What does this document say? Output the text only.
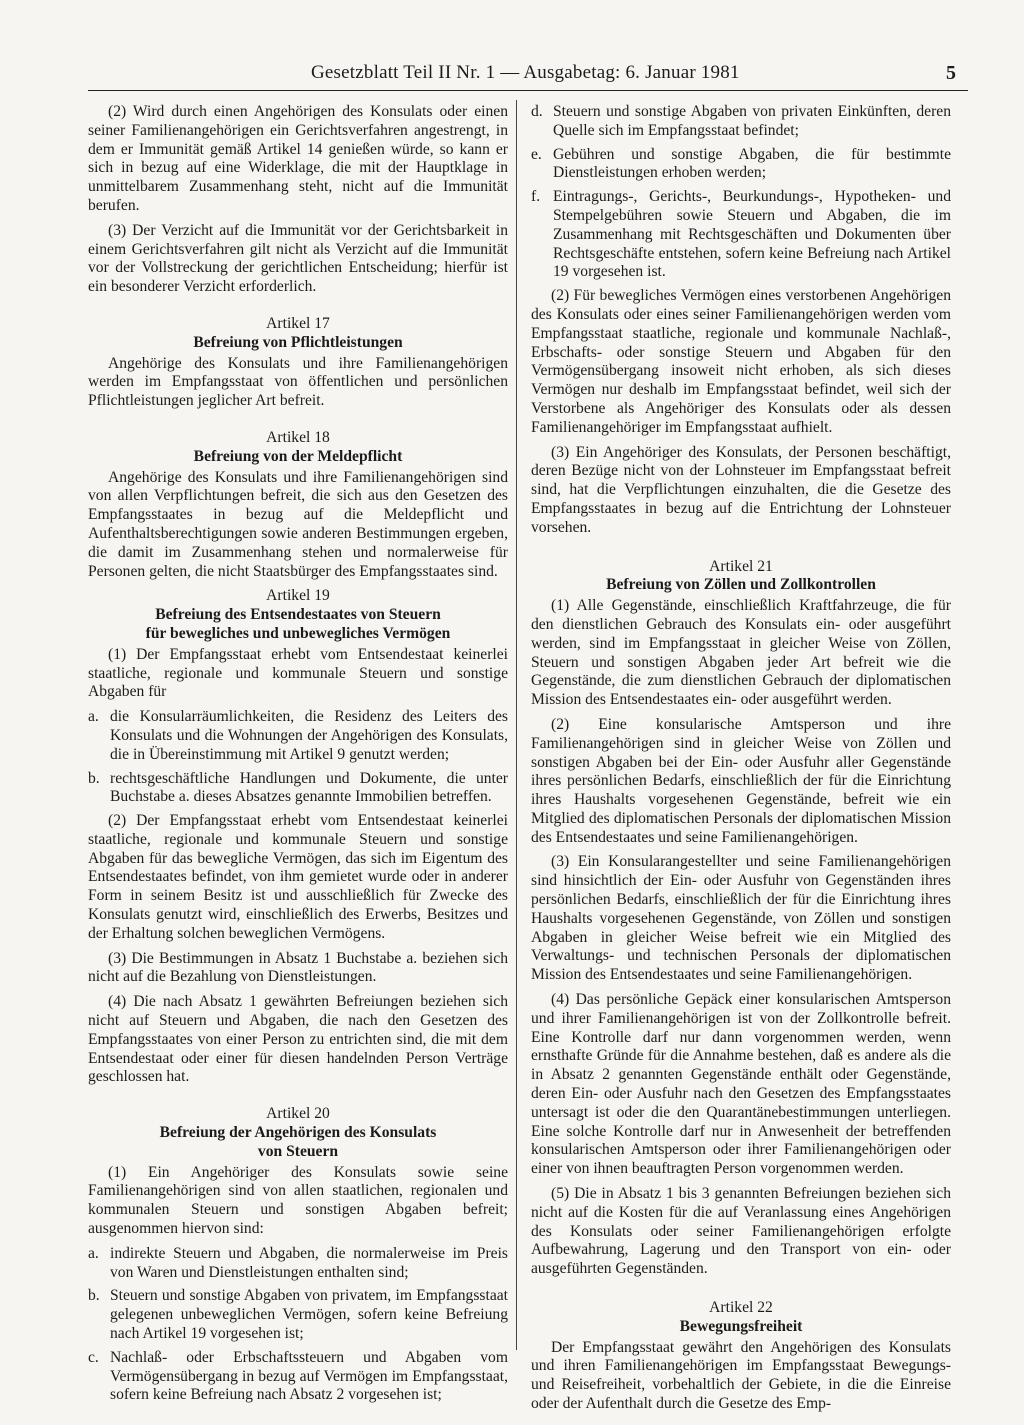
Gesetzblatt Teil II Nr. 1 — Ausgabetag: 6. Januar 1981	5

(2) Wird durch einen Angehörigen des Konsulats oder einen seiner Familienangehörigen ein Gerichtsverfahren angestrengt, in dem er Immunität gemäß Artikel 14 genießen würde, so kann er sich in bezug auf eine Widerklage, die mit der Hauptklage in unmittelbarem Zusammenhang steht, nicht auf die Immunität berufen.

(3) Der Verzicht auf die Immunität vor der Gerichtsbarkeit in einem Gerichtsverfahren gilt nicht als Verzicht auf die Immunität vor der Vollstreckung der gerichtlichen Entscheidung; hierfür ist ein besonderer Verzicht erforderlich.

Artikel 17
Befreiung von Pflichtleistungen

Angehörige des Konsulats und ihre Familienangehörigen werden im Empfangsstaat von öffentlichen und persönlichen Pflichtleistungen jeglicher Art befreit.

Artikel 18
Befreiung von der Meldepflicht

Angehörige des Konsulats und ihre Familienangehörigen sind von allen Verpflichtungen befreit, die sich aus den Gesetzen des Empfangsstaates in bezug auf die Meldepflicht und Aufenthaltsberechtigungen sowie anderen Bestimmungen ergeben, die damit im Zusammenhang stehen und normalerweise für Personen gelten, die nicht Staatsbürger des Empfangsstaates sind.

Artikel 19
Befreiung des Entsendestaates von Steuern
für bewegliches und unbewegliches Vermögen

(1) Der Empfangsstaat erhebt vom Entsendestaat keinerlei staatliche, regionale und kommunale Steuern und sonstige Abgaben für

a. die Konsularräumlichkeiten, die Residenz des Leiters des Konsulats und die Wohnungen der Angehörigen des Konsulats, die in Übereinstimmung mit Artikel 9 genutzt werden;

b. rechtsgeschäftliche Handlungen und Dokumente, die unter Buchstabe a. dieses Absatzes genannte Immobilien betreffen.

(2) Der Empfangsstaat erhebt vom Entsendestaat keinerlei staatliche, regionale und kommunale Steuern und sonstige Abgaben für das bewegliche Vermögen, das sich im Eigentum des Entsendestaates befindet, von ihm gemietet wurde oder in anderer Form in seinem Besitz ist und ausschließlich für Zwecke des Konsulats genutzt wird, einschließlich des Erwerbs, Besitzes und der Erhaltung solchen beweglichen Vermögens.

(3) Die Bestimmungen in Absatz 1 Buchstabe a. beziehen sich nicht auf die Bezahlung von Dienstleistungen.

(4) Die nach Absatz 1 gewährten Befreiungen beziehen sich nicht auf Steuern und Abgaben, die nach den Gesetzen des Empfangsstaates von einer Person zu entrichten sind, die mit dem Entsendestaat oder einer für diesen handelnden Person Verträge geschlossen hat.

Artikel 20
Befreiung der Angehörigen des Konsulats
von Steuern

(1) Ein Angehöriger des Konsulats sowie seine Familienangehörigen sind von allen staatlichen, regionalen und kommunalen Steuern und sonstigen Abgaben befreit; ausgenommen hiervon sind:

a. indirekte Steuern und Abgaben, die normalerweise im Preis von Waren und Dienstleistungen enthalten sind;

b. Steuern und sonstige Abgaben von privatem, im Empfangsstaat gelegenen unbeweglichen Vermögen, sofern keine Befreiung nach Artikel 19 vorgesehen ist;

c. Nachlaß- oder Erbschaftssteuern und Abgaben vom Vermögensübergang in bezug auf Vermögen im Empfangsstaat, sofern keine Befreiung nach Absatz 2 vorgesehen ist;

d. Steuern und sonstige Abgaben von privaten Einkünften, deren Quelle sich im Empfangsstaat befindet;

e. Gebühren und sonstige Abgaben, die für bestimmte Dienstleistungen erhoben werden;

f. Eintragungs-, Gerichts-, Beurkundungs-, Hypotheken- und Stempelgebühren sowie Steuern und Abgaben, die im Zusammenhang mit Rechtsgeschäften und Dokumenten über Rechtsgeschäfte entstehen, sofern keine Befreiung nach Artikel 19 vorgesehen ist.

(2) Für bewegliches Vermögen eines verstorbenen Angehörigen des Konsulats oder eines seiner Familienangehörigen werden vom Empfangsstaat staatliche, regionale und kommunale Nachlaß-, Erbschafts- oder sonstige Steuern und Abgaben für den Vermögensübergang insoweit nicht erhoben, als sich dieses Vermögen nur deshalb im Empfangsstaat befindet, weil sich der Verstorbene als Angehöriger des Konsulats oder als dessen Familienangehöriger im Empfangsstaat aufhielt.

(3) Ein Angehöriger des Konsulats, der Personen beschäftigt, deren Bezüge nicht von der Lohnsteuer im Empfangsstaat befreit sind, hat die Verpflichtungen einzuhalten, die die Gesetze des Empfangsstaates in bezug auf die Entrichtung der Lohnsteuer vorsehen.

Artikel 21
Befreiung von Zöllen und Zollkontrollen

(1) Alle Gegenstände, einschließlich Kraftfahrzeuge, die für den dienstlichen Gebrauch des Konsulats ein- oder ausgeführt werden, sind im Empfangsstaat in gleicher Weise von Zöllen, Steuern und sonstigen Abgaben jeder Art befreit wie die Gegenstände, die zum dienstlichen Gebrauch der diplomatischen Mission des Entsendestaates ein- oder ausgeführt werden.

(2) Eine konsularische Amtsperson und ihre Familienangehörigen sind in gleicher Weise von Zöllen und sonstigen Abgaben bei der Ein- oder Ausfuhr aller Gegenstände ihres persönlichen Bedarfs, einschließlich der für die Einrichtung ihres Haushalts vorgesehenen Gegenstände, befreit wie ein Mitglied des diplomatischen Personals der diplomatischen Mission des Entsendestaates und seine Familienangehörigen.

(3) Ein Konsularangestellter und seine Familienangehörigen sind hinsichtlich der Ein- oder Ausfuhr von Gegenständen ihres persönlichen Bedarfs, einschließlich der für die Einrichtung ihres Haushalts vorgesehenen Gegenstände, von Zöllen und sonstigen Abgaben in gleicher Weise befreit wie ein Mitglied des Verwaltungs- und technischen Personals der diplomatischen Mission des Entsendestaates und seine Familienangehörigen.

(4) Das persönliche Gepäck einer konsularischen Amtsperson und ihrer Familienangehörigen ist von der Zollkontrolle befreit. Eine Kontrolle darf nur dann vorgenommen werden, wenn ernsthafte Gründe für die Annahme bestehen, daß es andere als die in Absatz 2 genannten Gegenstände enthält oder Gegenstände, deren Ein- oder Ausfuhr nach den Gesetzen des Empfangsstaates untersagt ist oder die den Quarantänebestimmungen unterliegen. Eine solche Kontrolle darf nur in Anwesenheit der betreffenden konsularischen Amtsperson oder ihrer Familienangehörigen oder einer von ihnen beauftragten Person vorgenommen werden.

(5) Die in Absatz 1 bis 3 genannten Befreiungen beziehen sich nicht auf die Kosten für die auf Veranlassung eines Angehörigen des Konsulats oder seiner Familienangehörigen erfolgte Aufbewahrung, Lagerung und den Transport von ein- oder ausgeführten Gegenständen.

Artikel 22
Bewegungsfreiheit

Der Empfangsstaat gewährt den Angehörigen des Konsulats und ihren Familienangehörigen im Empfangsstaat Bewegungs- und Reisefreiheit, vorbehaltlich der Gebiete, in die die Einreise oder der Aufenthalt durch die Gesetze des Emp-
